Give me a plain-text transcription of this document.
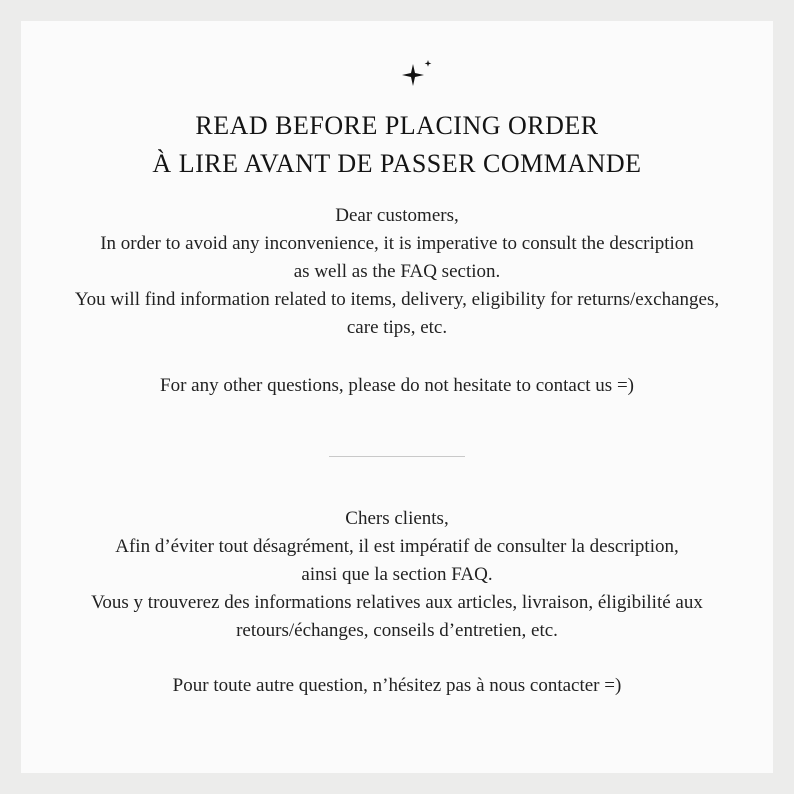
READ BEFORE PLACING ORDER
À LIRE AVANT DE PASSER COMMANDE
Dear customers,
In order to avoid any inconvenience, it is imperative to consult the description
as well as the FAQ section.
You will find information related to items, delivery, eligibility for returns/exchanges,
care tips, etc.
For any other questions, please do not hesitate to contact us =)
Chers clients,
Afin d’éviter tout désagrément, il est impératif de consulter la description,
ainsi que la section FAQ.
Vous y trouverez des informations relatives aux articles, livraison, éligibilité aux
retours/échanges, conseils d’entretien, etc.
Pour toute autre question, n’hésitez pas à nous contacter =)
